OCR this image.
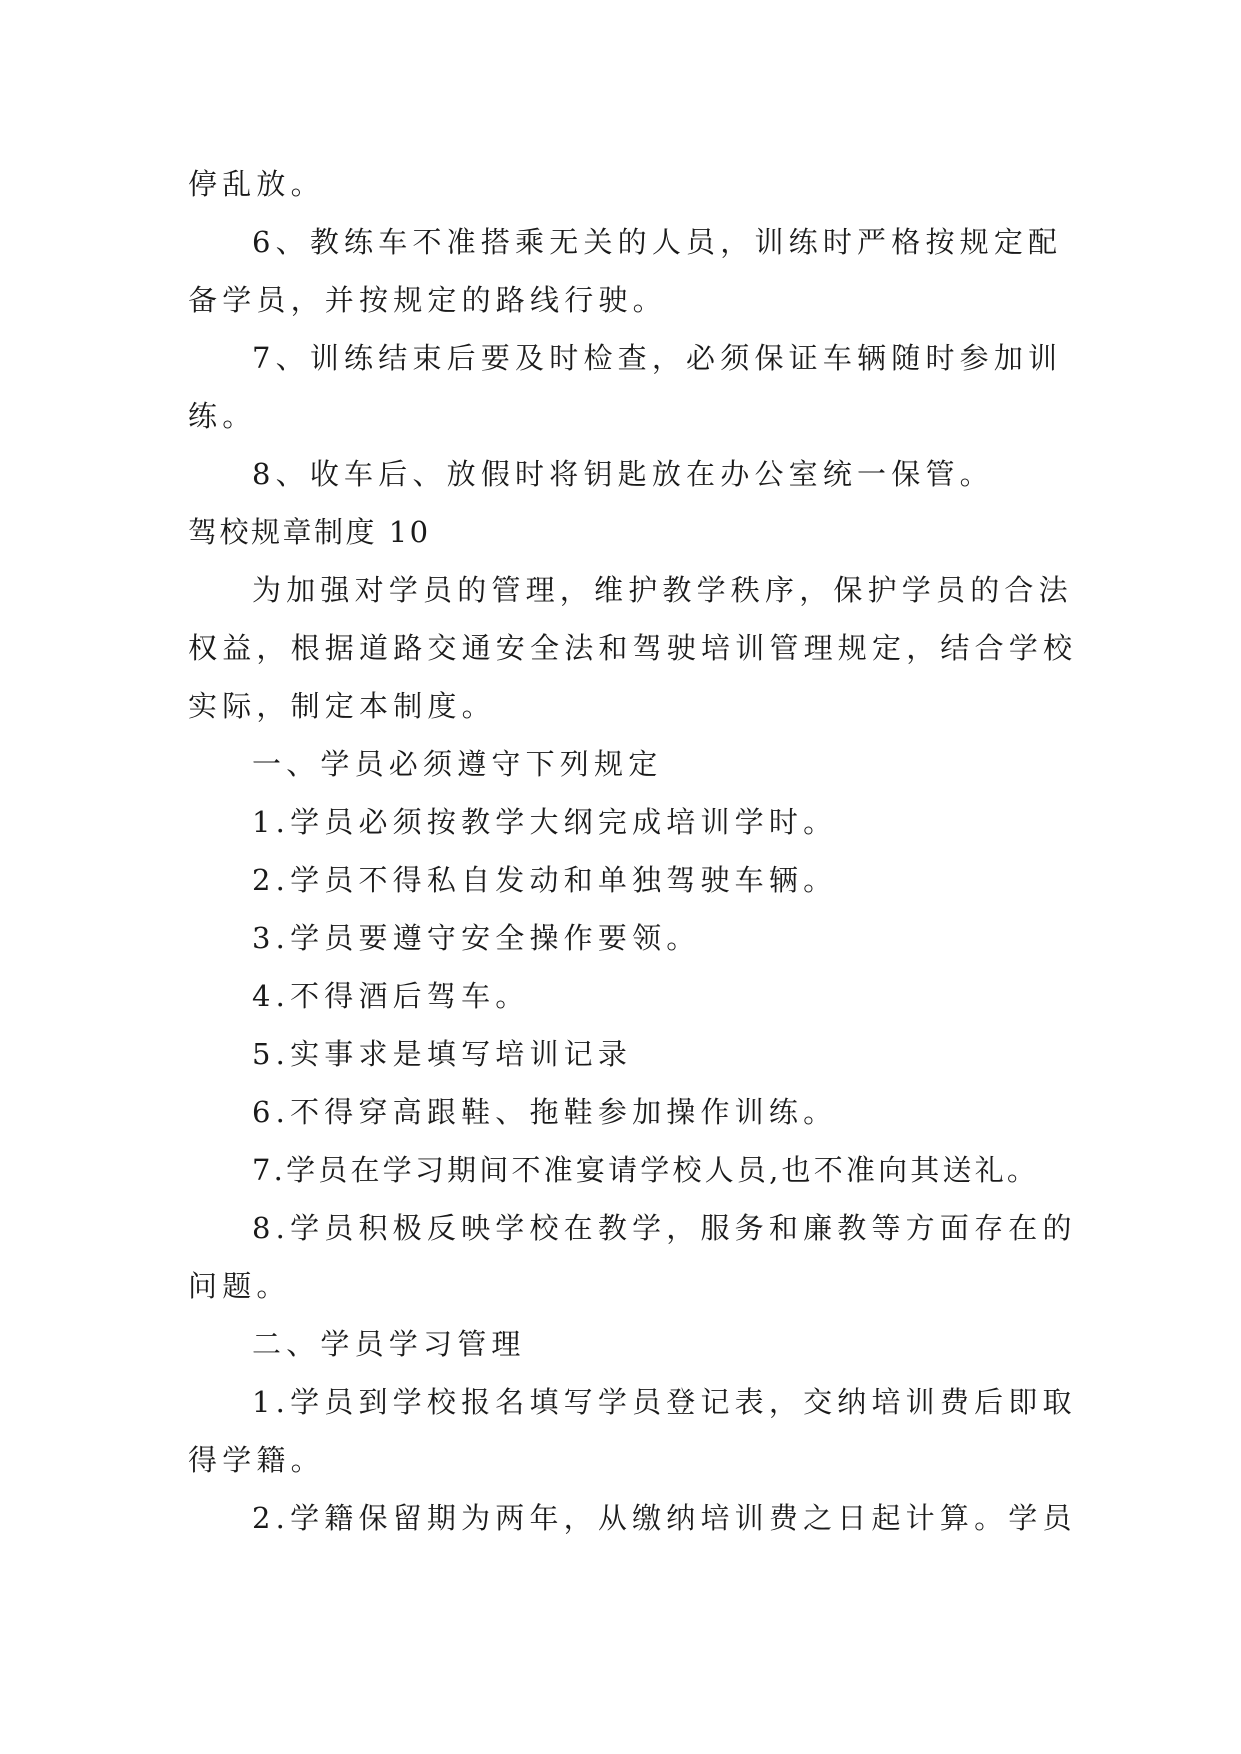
停乱放。

6、教练车不准搭乘无关的人员，训练时严格按规定配

备学员，并按规定的路线行驶。

7、训练结束后要及时检查，必须保证车辆随时参加训

练。

8、收车后、放假时将钥匙放在办公室统一保管。

驾校规章制度 10

为加强对学员的管理，维护教学秩序，保护学员的合法

权益，根据道路交通安全法和驾驶培训管理规定，结合学校

实际，制定本制度。

一、学员必须遵守下列规定

1.学员必须按教学大纲完成培训学时。

2.学员不得私自发动和单独驾驶车辆。

3.学员要遵守安全操作要领。

4.不得酒后驾车。

5.实事求是填写培训记录

6.不得穿高跟鞋、拖鞋参加操作训练。

7.学员在学习期间不准宴请学校人员,也不准向其送礼。

8.学员积极反映学校在教学，服务和廉教等方面存在的

问题。

二、学员学习管理

1.学员到学校报名填写学员登记表，交纳培训费后即取

得学籍。

2.学籍保留期为两年，从缴纳培训费之日起计算。学员
